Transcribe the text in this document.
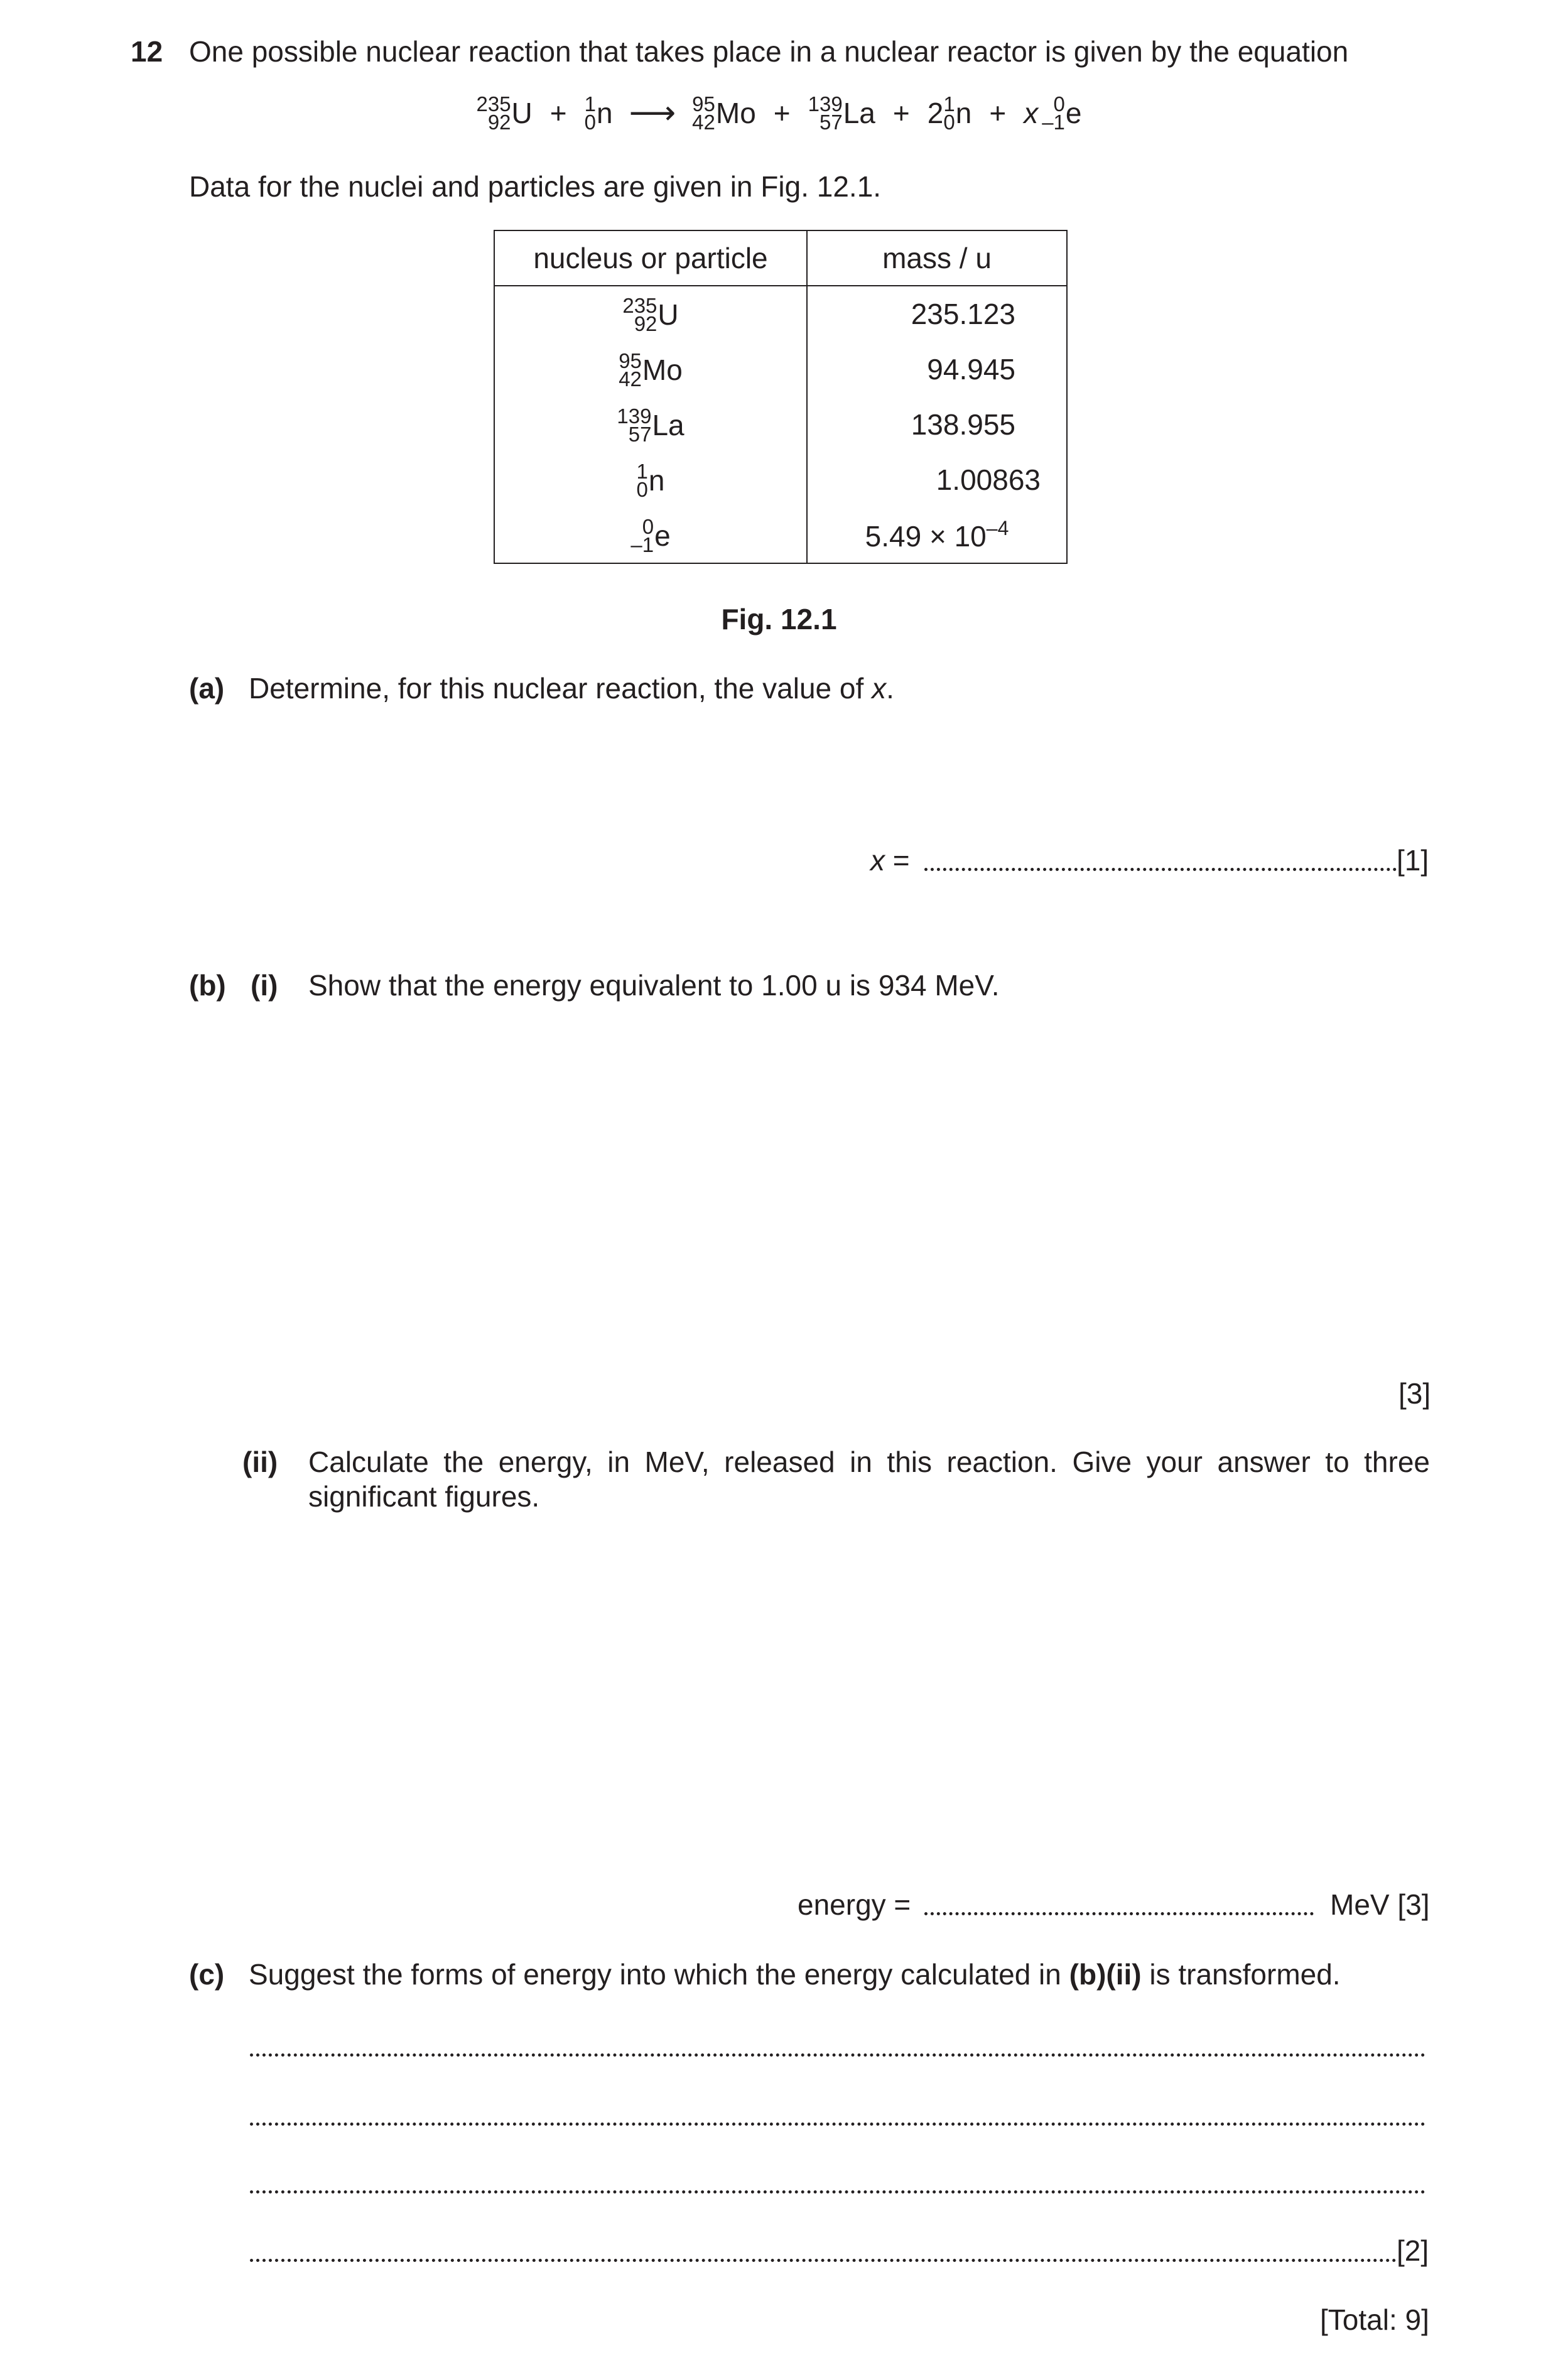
12 One possible nuclear reaction that takes place in a nuclear reactor is given by the equation
235
92 U + 1
0 n ⟶ 95
42 Mo + 139
57 La + 2 1
0 n + x 0
–1 e
Data for the nuclei and particles are given in Fig. 12.1.
nucleus or particle	mass / u

235
92 U	235.123

95
42 Mo	94.945

139
57 La	138.955

1
0 n	1.00863

0
–1 e	$5.49 \times 10^{-4}$
Fig. 12.1
(a) Determine, for this nuclear reaction, the value of x.
x =	[1]
(b) (i) Show that the energy equivalent to 1.00 u is 934 MeV.
[3]
(ii) Calculate the energy, in MeV, released in this reaction. Give your answer to three
significant figures.
energy =	MeV [3]
(c) Suggest the forms of energy into which the energy calculated in (b)(ii) is transformed.
[2]
[Total: 9]
